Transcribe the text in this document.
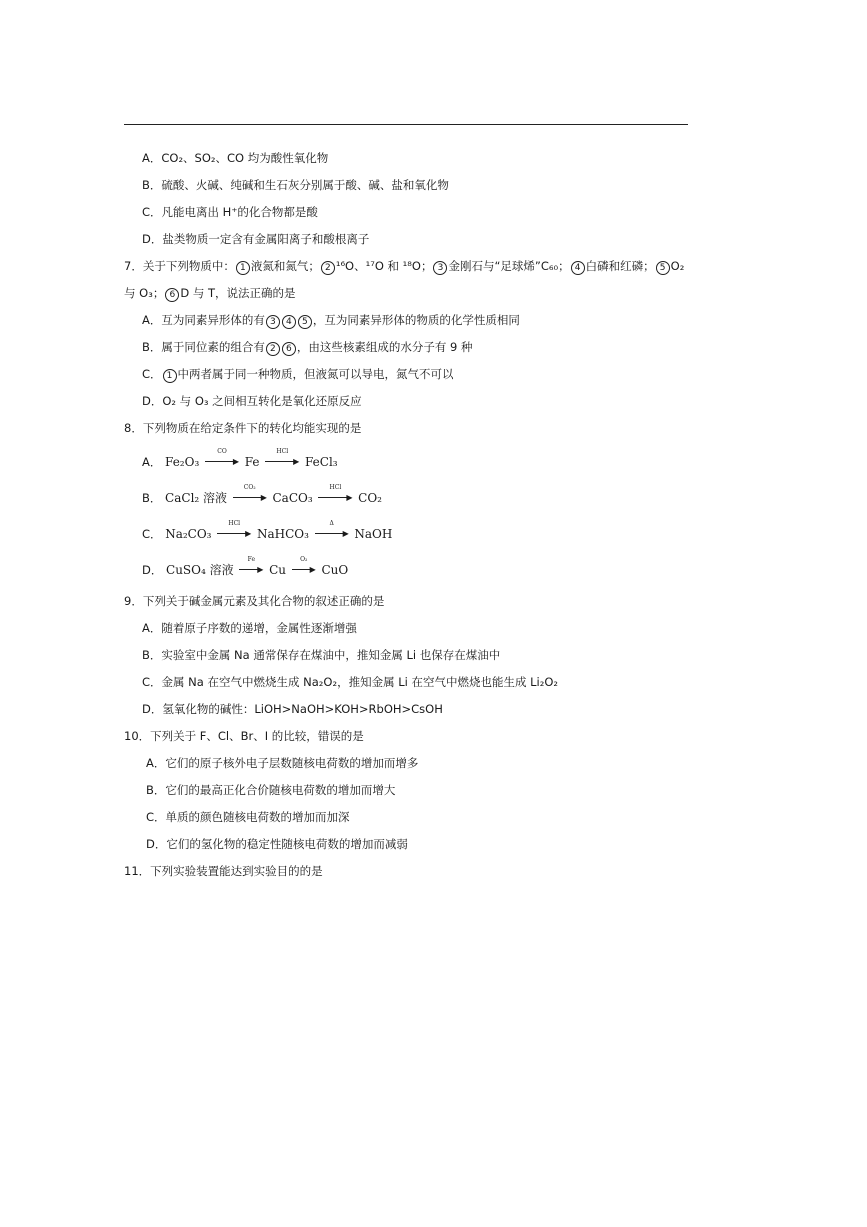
A．CO₂、SO₂、CO 均为酸性氧化物
B．硫酸、火碱、纯碱和生石灰分别属于酸、碱、盐和氧化物
C．凡能电离出 H⁺的化合物都是酸
D．盐类物质一定含有金属阳离子和酸根离子
7．关于下列物质中： 1 液氮和氮气； 2 ¹⁶O、¹⁷O 和 ¹⁸O； 3 金刚石与“足球烯”C₆₀； 4 白磷和红磷； 5 O₂
与 O₃； 6 D 与 T，说法正确的是
A．互为同素异形体的有 3 4 5 ，互为同素异形体的物质的化学性质相同
B．属于同位素的组合有 2 6 ，由这些核素组成的水分子有 9 种
C． 1 中两者属于同一种物质，但液氮可以导电，氮气不可以
D．O₂ 与 O₃ 之间相互转化是氧化还原反应
8．下列物质在给定条件下的转化均能实现的是
A． Fe₂O₃
CO
▶ Fe
HCl
▶ FeCl₃
B． CaCl₂ 溶液
CO₂
▶ CaCO₃
HCl
▶ CO₂
C． Na₂CO₃
HCl
▶ NaHCO₃
Δ
▶ NaOH
D． CuSO₄ 溶液
Fe
▶ Cu
O₂
▶ CuO
9．下列关于碱金属元素及其化合物的叙述正确的是
A．随着原子序数的递增，金属性逐渐增强
B．实验室中金属 Na 通常保存在煤油中，推知金属 Li 也保存在煤油中
C．金属 Na 在空气中燃烧生成 Na₂O₂，推知金属 Li 在空气中燃烧也能生成 Li₂O₂
D．氢氧化物的碱性：LiOH>NaOH>KOH>RbOH>CsOH
10．下列关于 F、Cl、Br、I 的比较，错误的是
A．它们的原子核外电子层数随核电荷数的增加而增多
B．它们的最高正化合价随核电荷数的增加而增大
C．单质的颜色随核电荷数的增加而加深
D．它们的氢化物的稳定性随核电荷数的增加而减弱
11．下列实验装置能达到实验目的的是
